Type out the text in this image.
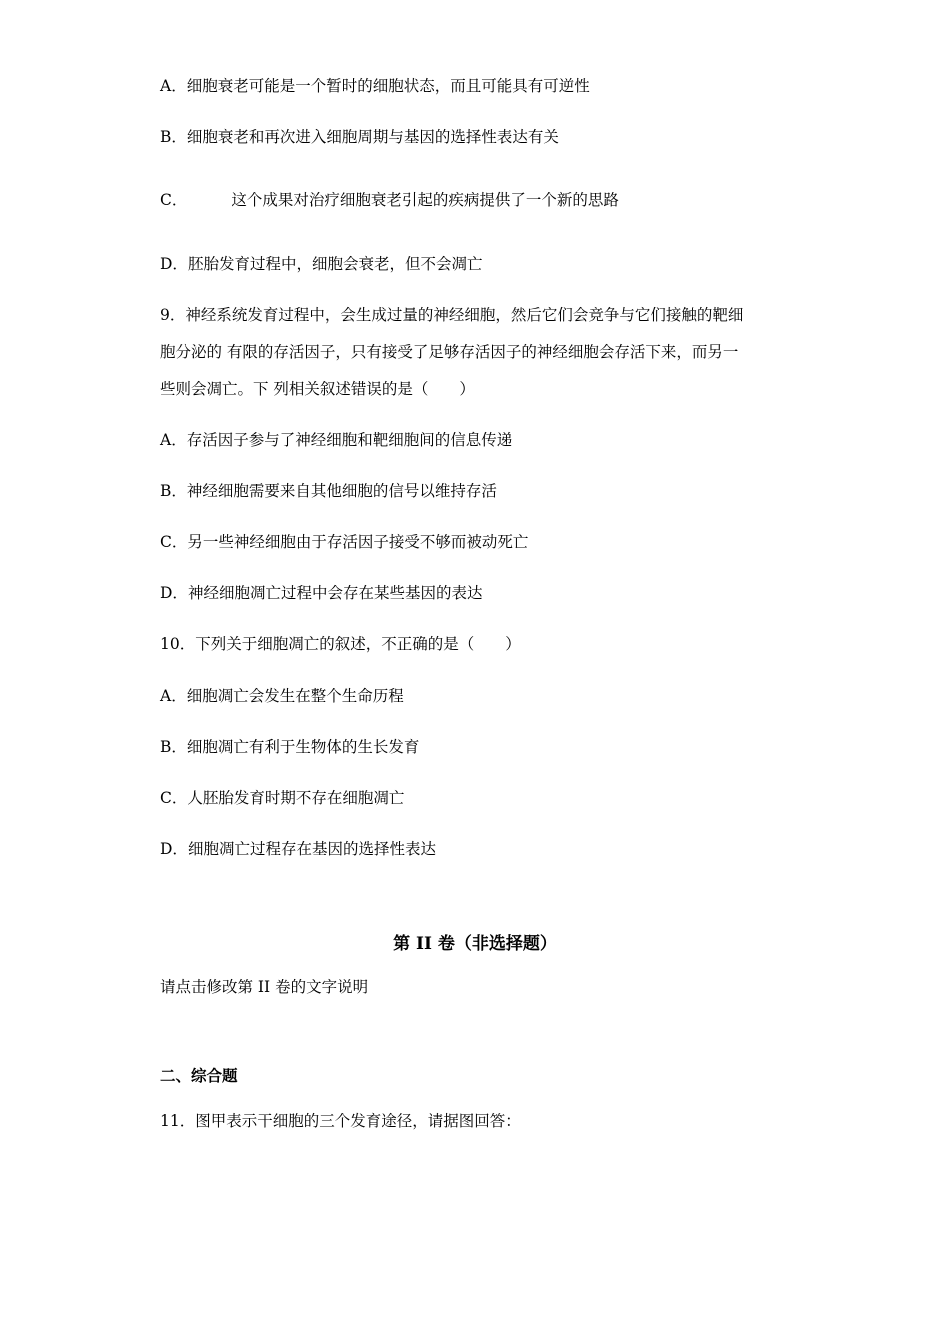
A．细胞衰老可能是一个暂时的细胞状态，而且可能具有可逆性
B．细胞衰老和再次进入细胞周期与基因的选择性表达有关
C．	这个成果对治疗细胞衰老引起的疾病提供了一个新的思路
D．胚胎发育过程中，细胞会衰老，但不会凋亡
9．神经系统发育过程中，会生成过量的神经细胞，然后它们会竞争与它们接触的靶细
胞分泌的 有限的存活因子，只有接受了足够存活因子的神经细胞会存活下来，而另一
些则会凋亡。下 列相关叙述错误的是（　　）
A．存活因子参与了神经细胞和靶细胞间的信息传递
B．神经细胞需要来自其他细胞的信号以维持存活
C．另一些神经细胞由于存活因子接受不够而被动死亡
D．神经细胞凋亡过程中会存在某些基因的表达
10．下列关于细胞凋亡的叙述，不正确的是（　　）
A．细胞凋亡会发生在整个生命历程
B．细胞凋亡有利于生物体的生长发育
C．人胚胎发育时期不存在细胞凋亡
D．细胞凋亡过程存在基因的选择性表达
第 II 卷（非选择题）
请点击修改第 II 卷的文字说明
二、综合题
11．图甲表示干细胞的三个发育途径，请据图回答：
